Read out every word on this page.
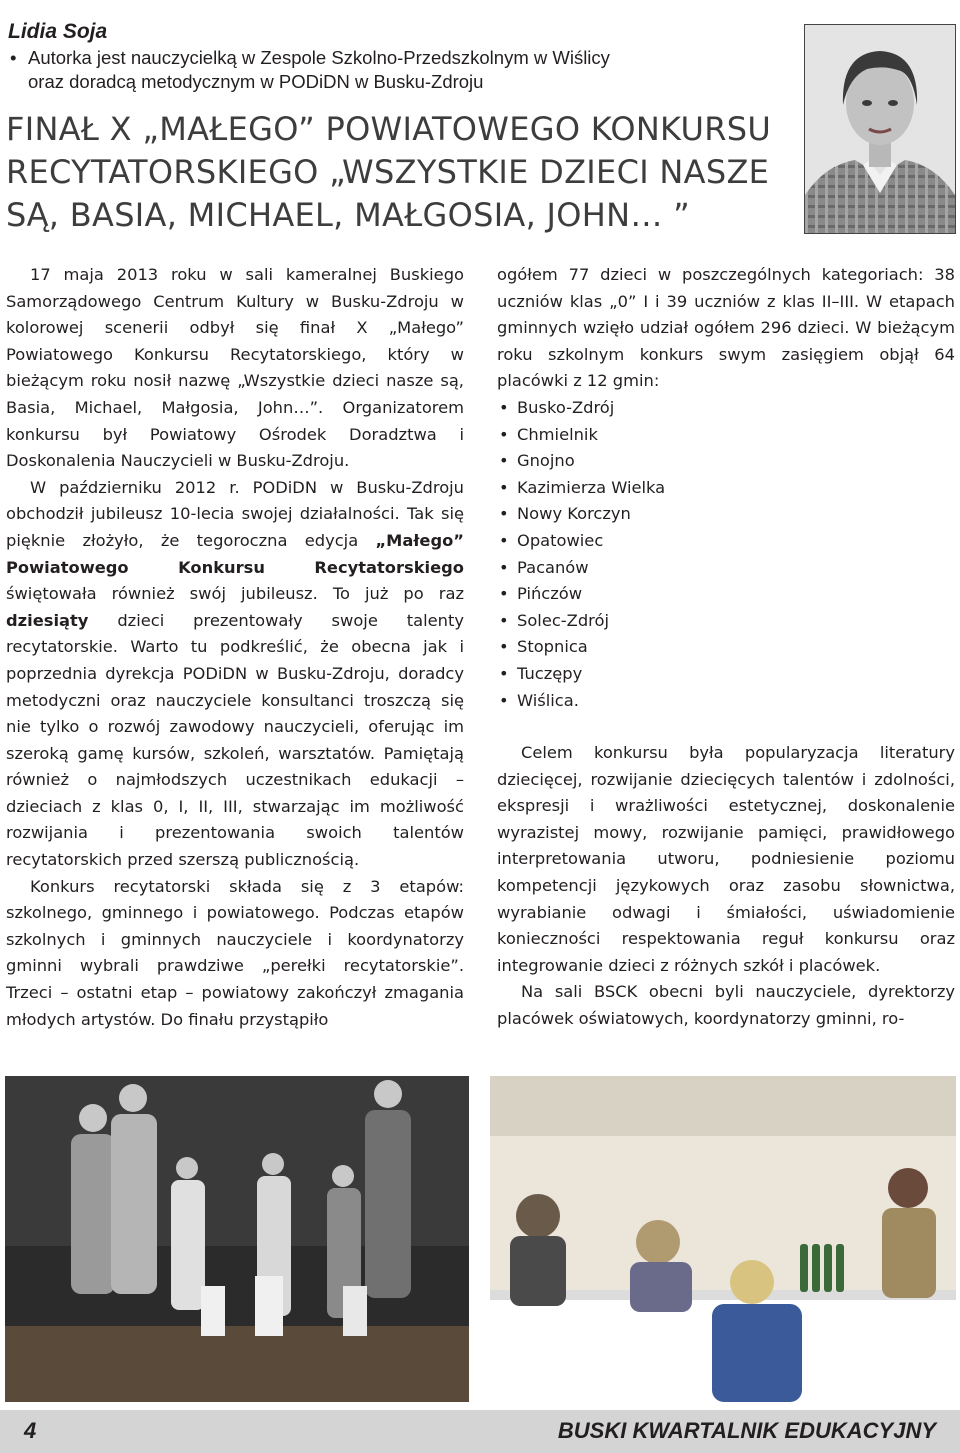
Lidia Soja
• Autorka jest nauczycielką w Zespole Szkolno-Przedszkolnym w Wiślicy
oraz doradcą metodycznym w PODiDN w Busku-Zdroju
FINAŁ X „MAŁEGO” POWIATOWEGO KONKURSU
RECYTATORSKIEGO „WSZYSTKIE DZIECI NASZE
SĄ, BASIA, MICHAEL, MAŁGOSIA, JOHN… ”

17 maja 2013 roku w sali kameralnej Buskiego Samorządowego Centrum Kultury w Busku-Zdroju w kolorowej scenerii odbył się finał X „Małego” Powiatowego Konkursu Recytatorskiego, który w bieżącym roku nosił nazwę „Wszystkie dzieci nasze są, Basia, Michael, Małgosia, John…”. Organizatorem konkursu był Powiatowy Ośrodek Doradztwa i Doskonalenia Nauczycieli w Busku-Zdroju.

W październiku 2012 r. PODiDN w Busku-Zdroju obchodził jubileusz 10-lecia swojej działalności. Tak się pięknie złożyło, że tegoroczna edycja „Małego” Powiatowego Konkursu Recytatorskiego świętowała również swój jubileusz. To już po raz dziesiąty dzieci prezentowały swoje talenty recytatorskie. Warto tu podkreślić, że obecna jak i poprzednia dyrekcja PODiDN w Busku-Zdroju, doradcy metodyczni oraz nauczyciele konsultanci troszczą się nie tylko o rozwój zawodowy nauczycieli, oferując im szeroką gamę kursów, szkoleń, warsztatów. Pamiętają również o najmłodszych uczestnikach edukacji – dzieciach z klas 0, I, II, III, stwarzając im możliwość rozwijania i prezentowania swoich talentów recytatorskich przed szerszą publicznością.

Konkurs recytatorski składa się z 3 etapów: szkolnego, gminnego i powiatowego. Podczas etapów szkolnych i gminnych nauczyciele i koordynatorzy gminni wybrali prawdziwe „perełki recytatorskie”. Trzeci – ostatni etap – powiatowy zakończył zmagania młodych artystów. Do finału przystąpiło

ogółem 77 dzieci w poszczególnych kategoriach: 38 uczniów klas „0” I i 39 uczniów z klas II–III. W etapach gminnych wzięło udział ogółem 296 dzieci. W bieżącym roku szkolnym konkurs swym zasięgiem objął 64 placówki z 12 gmin:

• Busko-Zdrój
• Chmielnik
• Gnojno
• Kazimierza Wielka
• Nowy Korczyn
• Opatowiec
• Pacanów
• Pińczów
• Solec-Zdrój
• Stopnica
• Tuczępy
• Wiślica.

Celem konkursu była popularyzacja literatury dziecięcej, rozwijanie dziecięcych talentów i zdolności, ekspresji i wrażliwości estetycznej, doskonalenie wyrazistej mowy, rozwijanie pamięci, prawidłowego interpretowania utworu, podniesienie poziomu kompetencji językowych oraz zasobu słownictwa, wyrabianie odwagi i śmiałości, uświadomienie konieczności respektowania reguł konkursu oraz integrowanie dzieci z różnych szkół i placówek.

Na sali BSCK obecni byli nauczyciele, dyrektorzy placówek oświatowych, koordynatorzy gminni, ro-

4	BUSKI KWARTALNIK EDUKACYJNY
